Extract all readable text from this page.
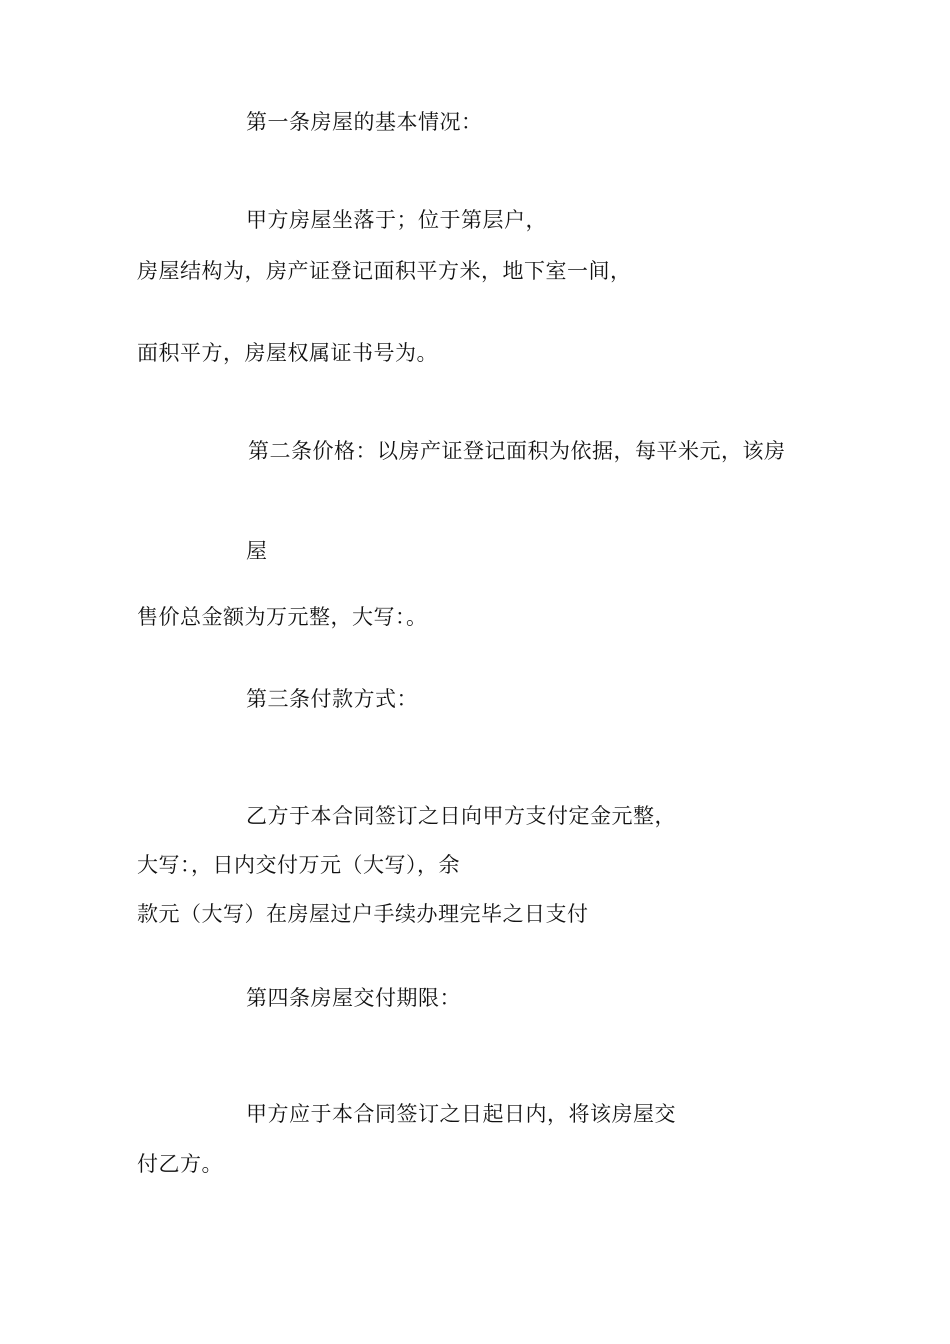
第一条房屋的基本情况：
甲方房屋坐落于；位于第层户，
房屋结构为，房产证登记面积平方米，地下室一间，
面积平方，房屋权属证书号为。
第二条价格：以房产证登记面积为依据，每平米元，该房
屋
售价总金额为万元整，大写：。
第三条付款方式：
乙方于本合同签订之日向甲方支付定金元整，
大写：，日内交付万元（大写），余
款元（大写）在房屋过户手续办理完毕之日支付
第四条房屋交付期限：
甲方应于本合同签订之日起日内，将该房屋交
付乙方。
